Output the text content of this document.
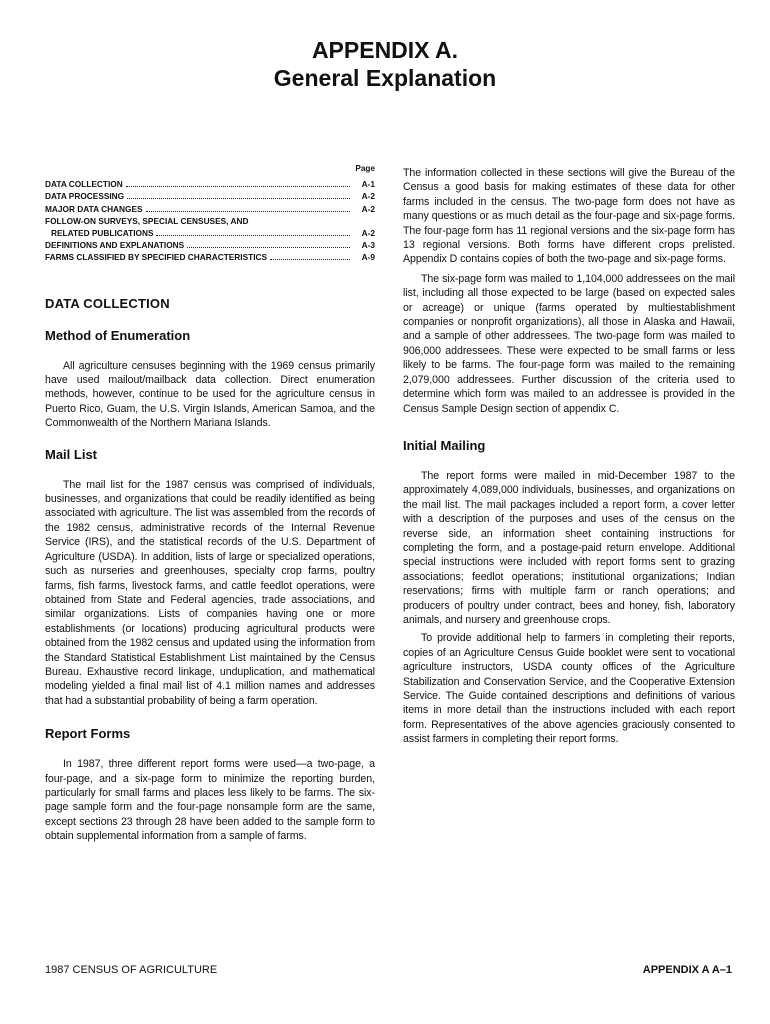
APPENDIX A.
General Explanation
Page
DATA COLLECTION	A-1
DATA PROCESSING	A-2
MAJOR DATA CHANGES	A-2
FOLLOW-ON SURVEYS, SPECIAL CENSUSES, AND
RELATED PUBLICATIONS	A-2
DEFINITIONS AND EXPLANATIONS	A-3
FARMS CLASSIFIED BY SPECIFIED CHARACTERISTICS	A-9
DATA COLLECTION
Method of Enumeration

All agriculture censuses beginning with the 1969 census primarily have used mailout/mailback data collection. Direct enumeration methods, however, continue to be used for the agriculture census in Puerto Rico, Guam, the U.S. Virgin Islands, American Samoa, and the Commonwealth of the Northern Mariana Islands.

Mail List

The mail list for the 1987 census was comprised of individuals, businesses, and organizations that could be readily identified as being associated with agriculture. The list was assembled from the records of the 1982 census, administrative records of the Internal Revenue Service (IRS), and the statistical records of the U.S. Department of Agriculture (USDA). In addition, lists of large or specialized operations, such as nurseries and greenhouses, specialty crop farms, poultry farms, fish farms, livestock farms, and cattle feedlot operations, were obtained from State and Federal agencies, trade associations, and similar organizations. Lists of companies having one or more establishments (or locations) producing agricultural products were obtained from the 1982 census and updated using the information from the Standard Statistical Establishment List maintained by the Census Bureau. Exhaustive record linkage, unduplication, and mathematical modeling yielded a final mail list of 4.1 million names and addresses that had a substantial probability of being a farm operation.

Report Forms

In 1987, three different report forms were used—a two-page, a four-page, and a six-page form to minimize the reporting burden, particularly for small farms and places less likely to be farms. The six-page sample form and the four-page nonsample form are the same, except sections 23 through 28 have been added to the sample form to obtain supplemental information from a sample of farms.

The information collected in these sections will give the Bureau of the Census a good basis for making estimates of these data for other farms included in the census. The two-page form does not have as many questions or as much detail as the four-page and six-page forms. The four-page form has 11 regional versions and the six-page form has 13 regional versions. Both forms have different crops prelisted. Appendix D contains copies of both the two-page and six-page forms.

The six-page form was mailed to 1,104,000 addressees on the mail list, including all those expected to be large (based on expected sales or acreage) or unique (farms operated by multiestablishment companies or nonprofit organizations), all those in Alaska and Hawaii, and a sample of other addressees. The two-page form was mailed to 906,000 addressees. These were expected to be small farms or less likely to be farms. The four-page form was mailed to the remaining 2,079,000 addressees. Further discussion of the criteria used to determine which form was mailed to an addressee is provided in the Census Sample Design section of appendix C.

Initial Mailing

The report forms were mailed in mid-December 1987 to the approximately 4,089,000 individuals, businesses, and organizations on the mail list. The mail packages included a report form, a cover letter with a description of the purposes and uses of the census on the reverse side, an information sheet containing instructions for completing the form, and a postage-paid return envelope. Additional special instructions were included with report forms sent to grazing associations; feedlot operations; institutional organizations; Indian reservations; firms with multiple farm or ranch operations; and producers of poultry under contract, bees and honey, fish, laboratory animals, and nursery and greenhouse crops.

To provide additional help to farmers in completing their reports, copies of an Agriculture Census Guide booklet were sent to vocational agriculture instructors, USDA county offices of the Agriculture Stabilization and Conservation Service, and the Cooperative Extension Service. The Guide contained descriptions and definitions of various items in more detail than the instructions included with each report form. Representatives of the above agencies graciously consented to assist farmers in completing their report forms.

1987 CENSUS OF AGRICULTURE	APPENDIX A A–1
